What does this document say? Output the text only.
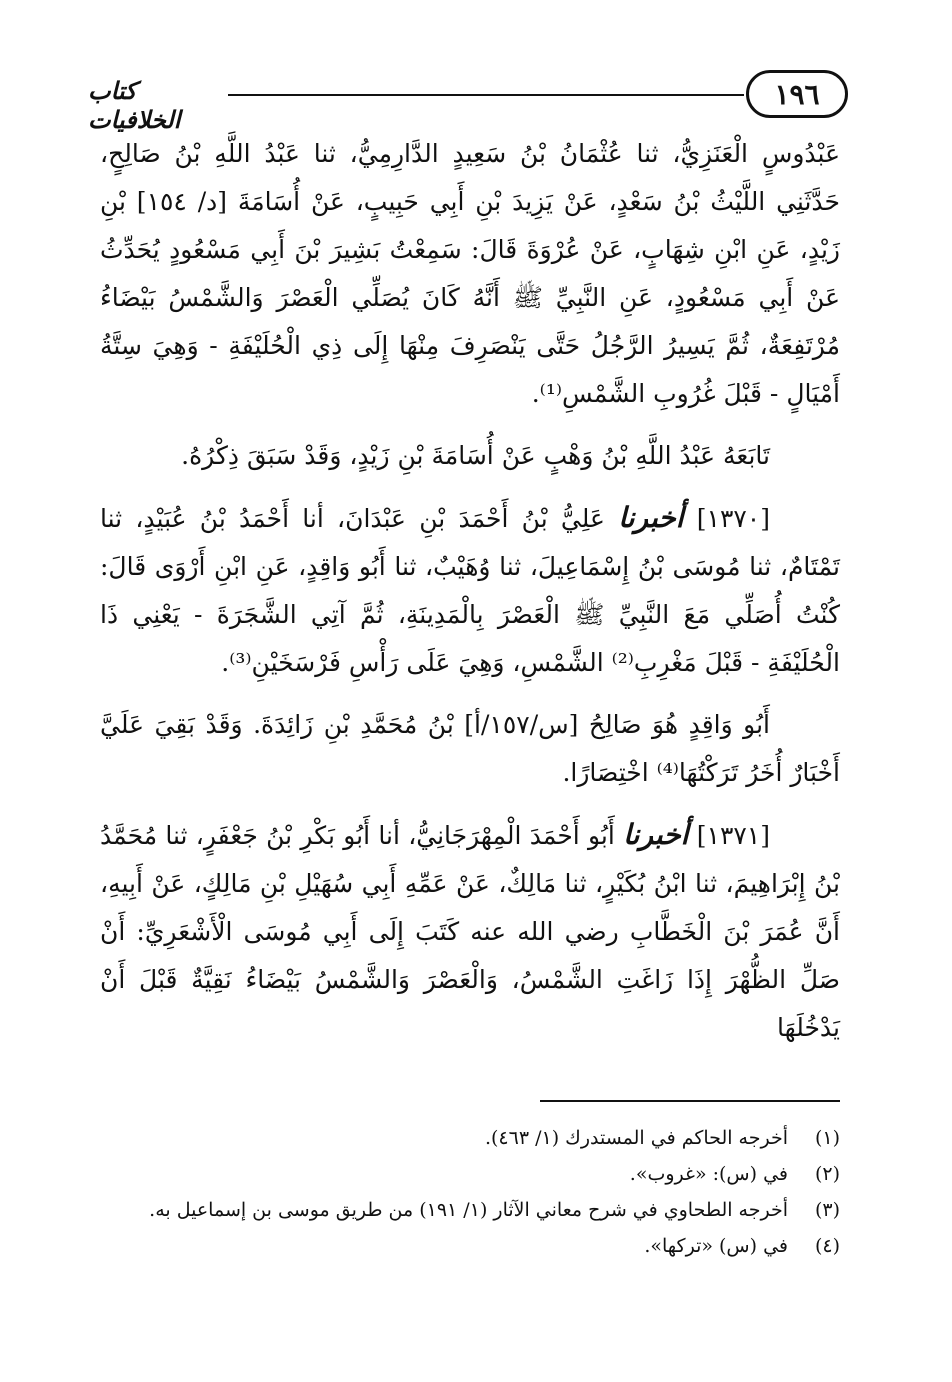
كتاب الخلافيات
١٩٦

عَبْدُوسٍ الْعَنَزِيُّ، ثنا عُثْمَانُ بْنُ سَعِيدٍ الدَّارِمِيُّ، ثنا عَبْدُ اللَّهِ بْنُ صَالِحٍ، حَدَّثَنِي اللَّيْثُ بْنُ سَعْدٍ، عَنْ يَزِيدَ بْنِ أَبِي حَبِيبٍ، عَنْ أُسَامَةَ [د/ ١٥٤] بْنِ زَيْدٍ، عَنِ ابْنِ شِهَابٍ، عَنْ عُرْوَةَ قَالَ: سَمِعْتُ بَشِيرَ بْنَ أَبِي مَسْعُودٍ يُحَدِّثُ عَنْ أَبِي مَسْعُودٍ، عَنِ النَّبِيِّ ﷺ أَنَّهُ كَانَ يُصَلِّي الْعَصْرَ وَالشَّمْسُ بَيْضَاءُ مُرْتَفِعَةٌ، ثُمَّ يَسِيرُ الرَّجُلُ حَتَّى يَنْصَرِفَ مِنْهَا إِلَى ذِي الْحُلَيْفَةِ - وَهِيَ سِتَّةُ أَمْيَالٍ - قَبْلَ غُرُوبِ الشَّمْسِ⁽¹⁾.

تَابَعَهُ عَبْدُ اللَّهِ بْنُ وَهْبٍ عَنْ أُسَامَةَ بْنِ زَيْدٍ، وَقَدْ سَبَقَ ذِكْرُهُ.

[١٣٧٠] أخبرنا عَلِيُّ بْنُ أَحْمَدَ بْنِ عَبْدَانَ، أنا أَحْمَدُ بْنُ عُبَيْدٍ، ثنا تَمْتَامٌ، ثنا مُوسَى بْنُ إِسْمَاعِيلَ، ثنا وُهَيْبٌ، ثنا أَبُو وَاقِدٍ، عَنِ ابْنِ أَرْوَى قَالَ: كُنْتُ أُصَلِّي مَعَ النَّبِيِّ ﷺ الْعَصْرَ بِالْمَدِينَةِ، ثُمَّ آتِي الشَّجَرَةَ - يَعْنِي ذَا الْحُلَيْفَةِ - قَبْلَ مَغْرِبِ⁽²⁾ الشَّمْسِ، وَهِيَ عَلَى رَأْسِ فَرْسَخَيْنِ⁽³⁾.

أَبُو وَاقِدٍ هُوَ صَالِحُ [س/١٥٧/أ] بْنُ مُحَمَّدِ بْنِ زَائِدَةَ. وَقَدْ بَقِيَ عَلَيَّ أَخْبَارٌ أُخَرُ تَرَكْتُهَا⁽⁴⁾ اخْتِصَارًا.

[١٣٧١] أخبرنا أَبُو أَحْمَدَ الْمِهْرَجَانِيُّ، أنا أَبُو بَكْرِ بْنُ جَعْفَرٍ، ثنا مُحَمَّدُ بْنُ إِبْرَاهِيمَ، ثنا ابْنُ بُكَيْرٍ، ثنا مَالِكٌ، عَنْ عَمِّهِ أَبِي سُهَيْلِ بْنِ مَالِكٍ، عَنْ أَبِيهِ، أَنَّ عُمَرَ بْنَ الْخَطَّابِ رضي الله عنه كَتَبَ إِلَى أَبِي مُوسَى الْأَشْعَرِيِّ: أَنْ صَلِّ الظُّهْرَ إِذَا زَاغَتِ الشَّمْسُ، وَالْعَصْرَ وَالشَّمْسُ بَيْضَاءُ نَقِيَّةٌ قَبْلَ أَنْ يَدْخُلَهَا

(١)أخرجه الحاكم في المستدرك (١/ ٤٦٣).

(٢)في (س): «غروب».

(٣)أخرجه الطحاوي في شرح معاني الآثار (١/ ١٩١) من طريق موسى بن إسماعيل به.

(٤)في (س) «تركها».
